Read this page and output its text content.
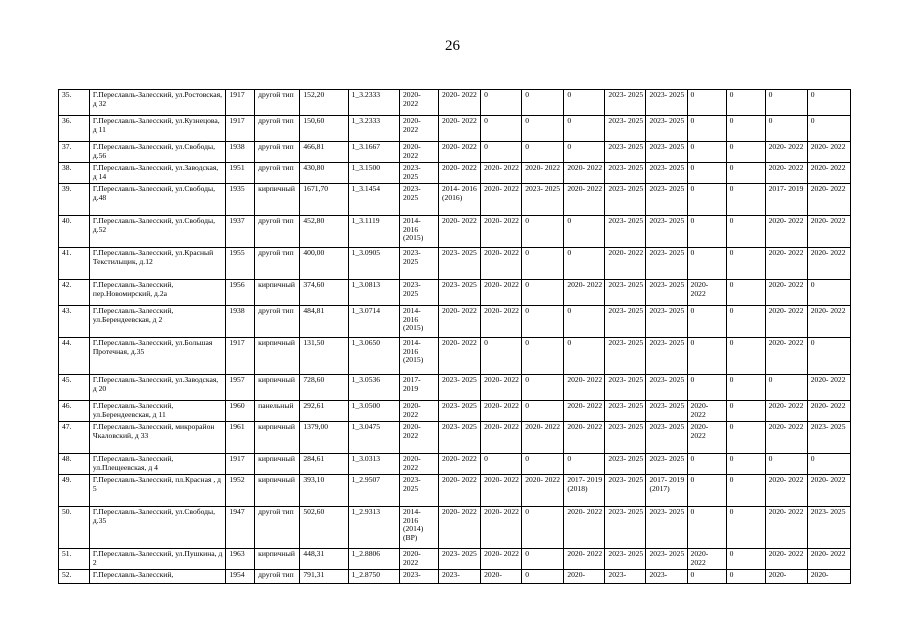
26
35.	Г.Переславль-Залесский, ул.Ростовская, д 32	1917	другой тип	152,20	1_3.2333	2020- 2022	2020- 2022	0	0	0	2023- 2025	2023- 2025	0	0	0	0
36.	Г.Переславль-Залесский, ул.Кузнецова, д 11	1917	другой тип	150,60	1_3.2333	2020- 2022	2020- 2022	0	0	0	2023- 2025	2023- 2025	0	0	0	0
37.	Г.Переславль-Залесский, ул.Свободы, д.56	1938	другой тип	466,81	1_3.1667	2020- 2022	2020- 2022	0	0	0	2023- 2025	2023- 2025	0	0	2020- 2022	2020- 2022
38.	Г.Переславль-Залесский, ул.Заводская, д 14	1951	другой тип	430,80	1_3.1500	2023- 2025	2020- 2022	2020- 2022	2020- 2022	2020- 2022	2023- 2025	2023- 2025	0	0	2020- 2022	2020- 2022
39.	Г.Переславль-Залесский, ул.Свободы, д.48	1935	кирпичный	1671,70	1_3.1454	2023- 2025	2014- 2016 (2016)	2020- 2022	2023- 2025	2020- 2022	2023- 2025	2023- 2025	0	0	2017- 2019	2020- 2022
40.	Г.Переславль-Залесский, ул.Свободы, д.52	1937	другой тип	452,80	1_3.1119	2014- 2016 (2015)	2020- 2022	2020- 2022	0	0	2023- 2025	2023- 2025	0	0	2020- 2022	2020- 2022
41.	Г.Переславль-Залесский, ул.Красный Текстильщик, д.12	1955	другой тип	400,00	1_3.0905	2023- 2025	2023- 2025	2020- 2022	0	0	2020- 2022	2023- 2025	0	0	2020- 2022	2020- 2022
42.	Г.Переславль-Залесский, пер.Новомирский, д.2а	1956	кирпичный	374,60	1_3.0813	2023- 2025	2023- 2025	2020- 2022	0	2020- 2022	2023- 2025	2023- 2025	2020- 2022	0	2020- 2022	0
43.	Г.Переславль-Залесский, ул.Берендеевская, д 2	1938	другой тип	484,81	1_3.0714	2014- 2016 (2015)	2020- 2022	2020- 2022	0	0	2023- 2025	2023- 2025	0	0	2020- 2022	2020- 2022
44.	Г.Переславль-Залесский, ул.Большая Протечная, д.35	1917	кирпичный	131,50	1_3.0650	2014- 2016 (2015)	2020- 2022	0	0	0	2023- 2025	2023- 2025	0	0	2020- 2022	0
45.	Г.Переславль-Залесский, ул.Заводская, д 20	1957	кирпичный	728,60	1_3.0536	2017- 2019	2023- 2025	2020- 2022	0	2020- 2022	2023- 2025	2023- 2025	0	0	0	2020- 2022
46.	Г.Переславль-Залесский, ул.Берендеевская, д 11	1960	панельный	292,61	1_3.0500	2020- 2022	2023- 2025	2020- 2022	0	2020- 2022	2023- 2025	2023- 2025	2020- 2022	0	2020- 2022	2020- 2022
47.	Г.Переславль-Залесский, микрорайон Чкаловский, д 33	1961	кирпичный	1379,00	1_3.0475	2020- 2022	2023- 2025	2020- 2022	2020- 2022	2020- 2022	2023- 2025	2023- 2025	2020- 2022	0	2020- 2022	2023- 2025
48.	Г.Переславль-Залесский, ул.Плещеевская, д 4	1917	кирпичный	284,61	1_3.0313	2020- 2022	2020- 2022	0	0	0	2023- 2025	2023- 2025	0	0	0	0
49.	Г.Переславль-Залесский, пл.Красная , д 5	1952	кирпичный	393,10	1_2.9507	2023- 2025	2020- 2022	2020- 2022	2020- 2022	2017- 2019 (2018)	2023- 2025	2017- 2019 (2017)	0	0	2020- 2022	2020- 2022
50.	Г.Переславль-Залесский, ул.Свободы, д.35	1947	другой тип	502,60	1_2.9313	2014- 2016 (2014) (ВР)	2020- 2022	2020- 2022	0	2020- 2022	2023- 2025	2023- 2025	0	0	2020- 2022	2023- 2025
51.	Г.Переславль-Залесский, ул.Пушкина, д 2	1963	кирпичный	448,31	1_2.8806	2020- 2022	2023- 2025	2020- 2022	0	2020- 2022	2023- 2025	2023- 2025	2020- 2022	0	2020- 2022	2020- 2022
52.	Г.Переславль-Залесский,	1954	другой тип	791,31	1_2.8750	2023-	2023-	2020-	0	2020-	2023-	2023-	0	0	2020-	2020-
